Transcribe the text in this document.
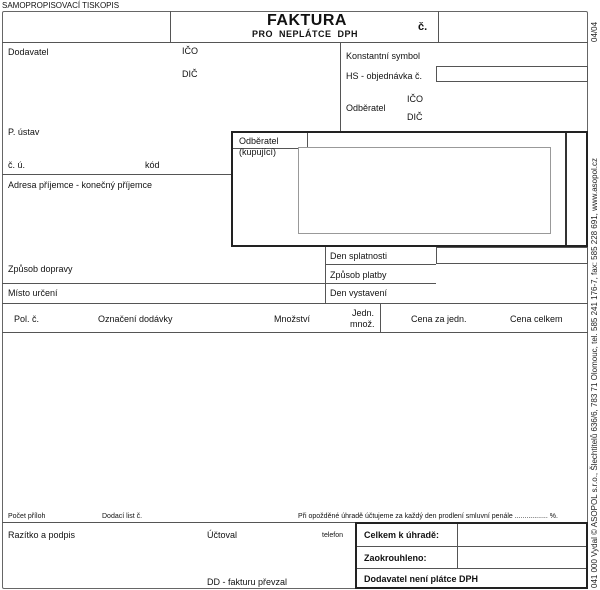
SAMOPROPISOVACÍ TISKOPIS
FAKTURA
PRO  NEPLÁTCE  DPH
č.
Dodavatel	IČO
DIČ
P. ústav
č. ú.	kód
Konstantní symbol
HS - objednávka č.
Odběratel
IČO
DIČ
Odběratel
(kupující)
Adresa příjemce - konečný příjemce
Den splatnosti
Způsob platby
Den vystavení
Způsob dopravy
Místo určení
Pol. č.	Označení dodávky	Množství
Jedn.
množ.	Cena za jedn.	Cena celkem
Počet příloh	Dodací list č.	Při opožděné úhradě účtujeme za každý den prodlení smluvní penále ................. %.
Razítko a podpis	Účtoval	telefon
DD - fakturu převzal
Celkem k úhradě:
Zaokrouhleno:
Dodavatel není plátce DPH
04/04
041 000 Vydal © ASOPOL s.r.o., Šlechtitelů 636/6, 783 71 Olomouc, tel. 585 241 176-7, fax: 585 228 691, www.asopol.cz
